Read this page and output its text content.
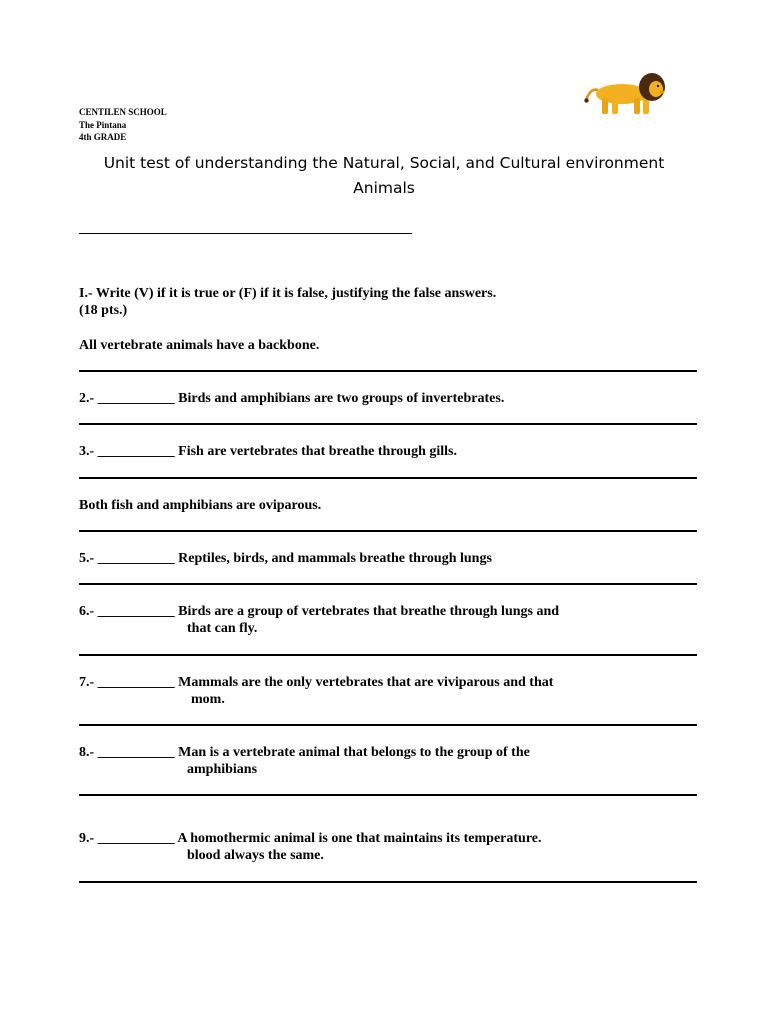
CENTILEN SCHOOL
The Pintana
4th GRADE
Unit test of understanding the Natural, Social, and Cultural environment
Animals
I.- Write (V) if it is true or (F) if it is false, justifying the false answers.
(18 pts.)
All vertebrate animals have a backbone.
2.- ___________ Birds and amphibians are two groups of invertebrates.
3.- ___________ Fish are vertebrates that breathe through gills.
Both fish and amphibians are oviparous.
5.- ___________ Reptiles, birds, and mammals breathe through lungs
6.- ___________ Birds are a group of vertebrates that breathe through lungs and
that can fly.
7.- ___________ Mammals are the only vertebrates that are viviparous and that
mom.
8.- ___________ Man is a vertebrate animal that belongs to the group of the
amphibians
9.- ___________ A homothermic animal is one that maintains its temperature.
blood always the same.
